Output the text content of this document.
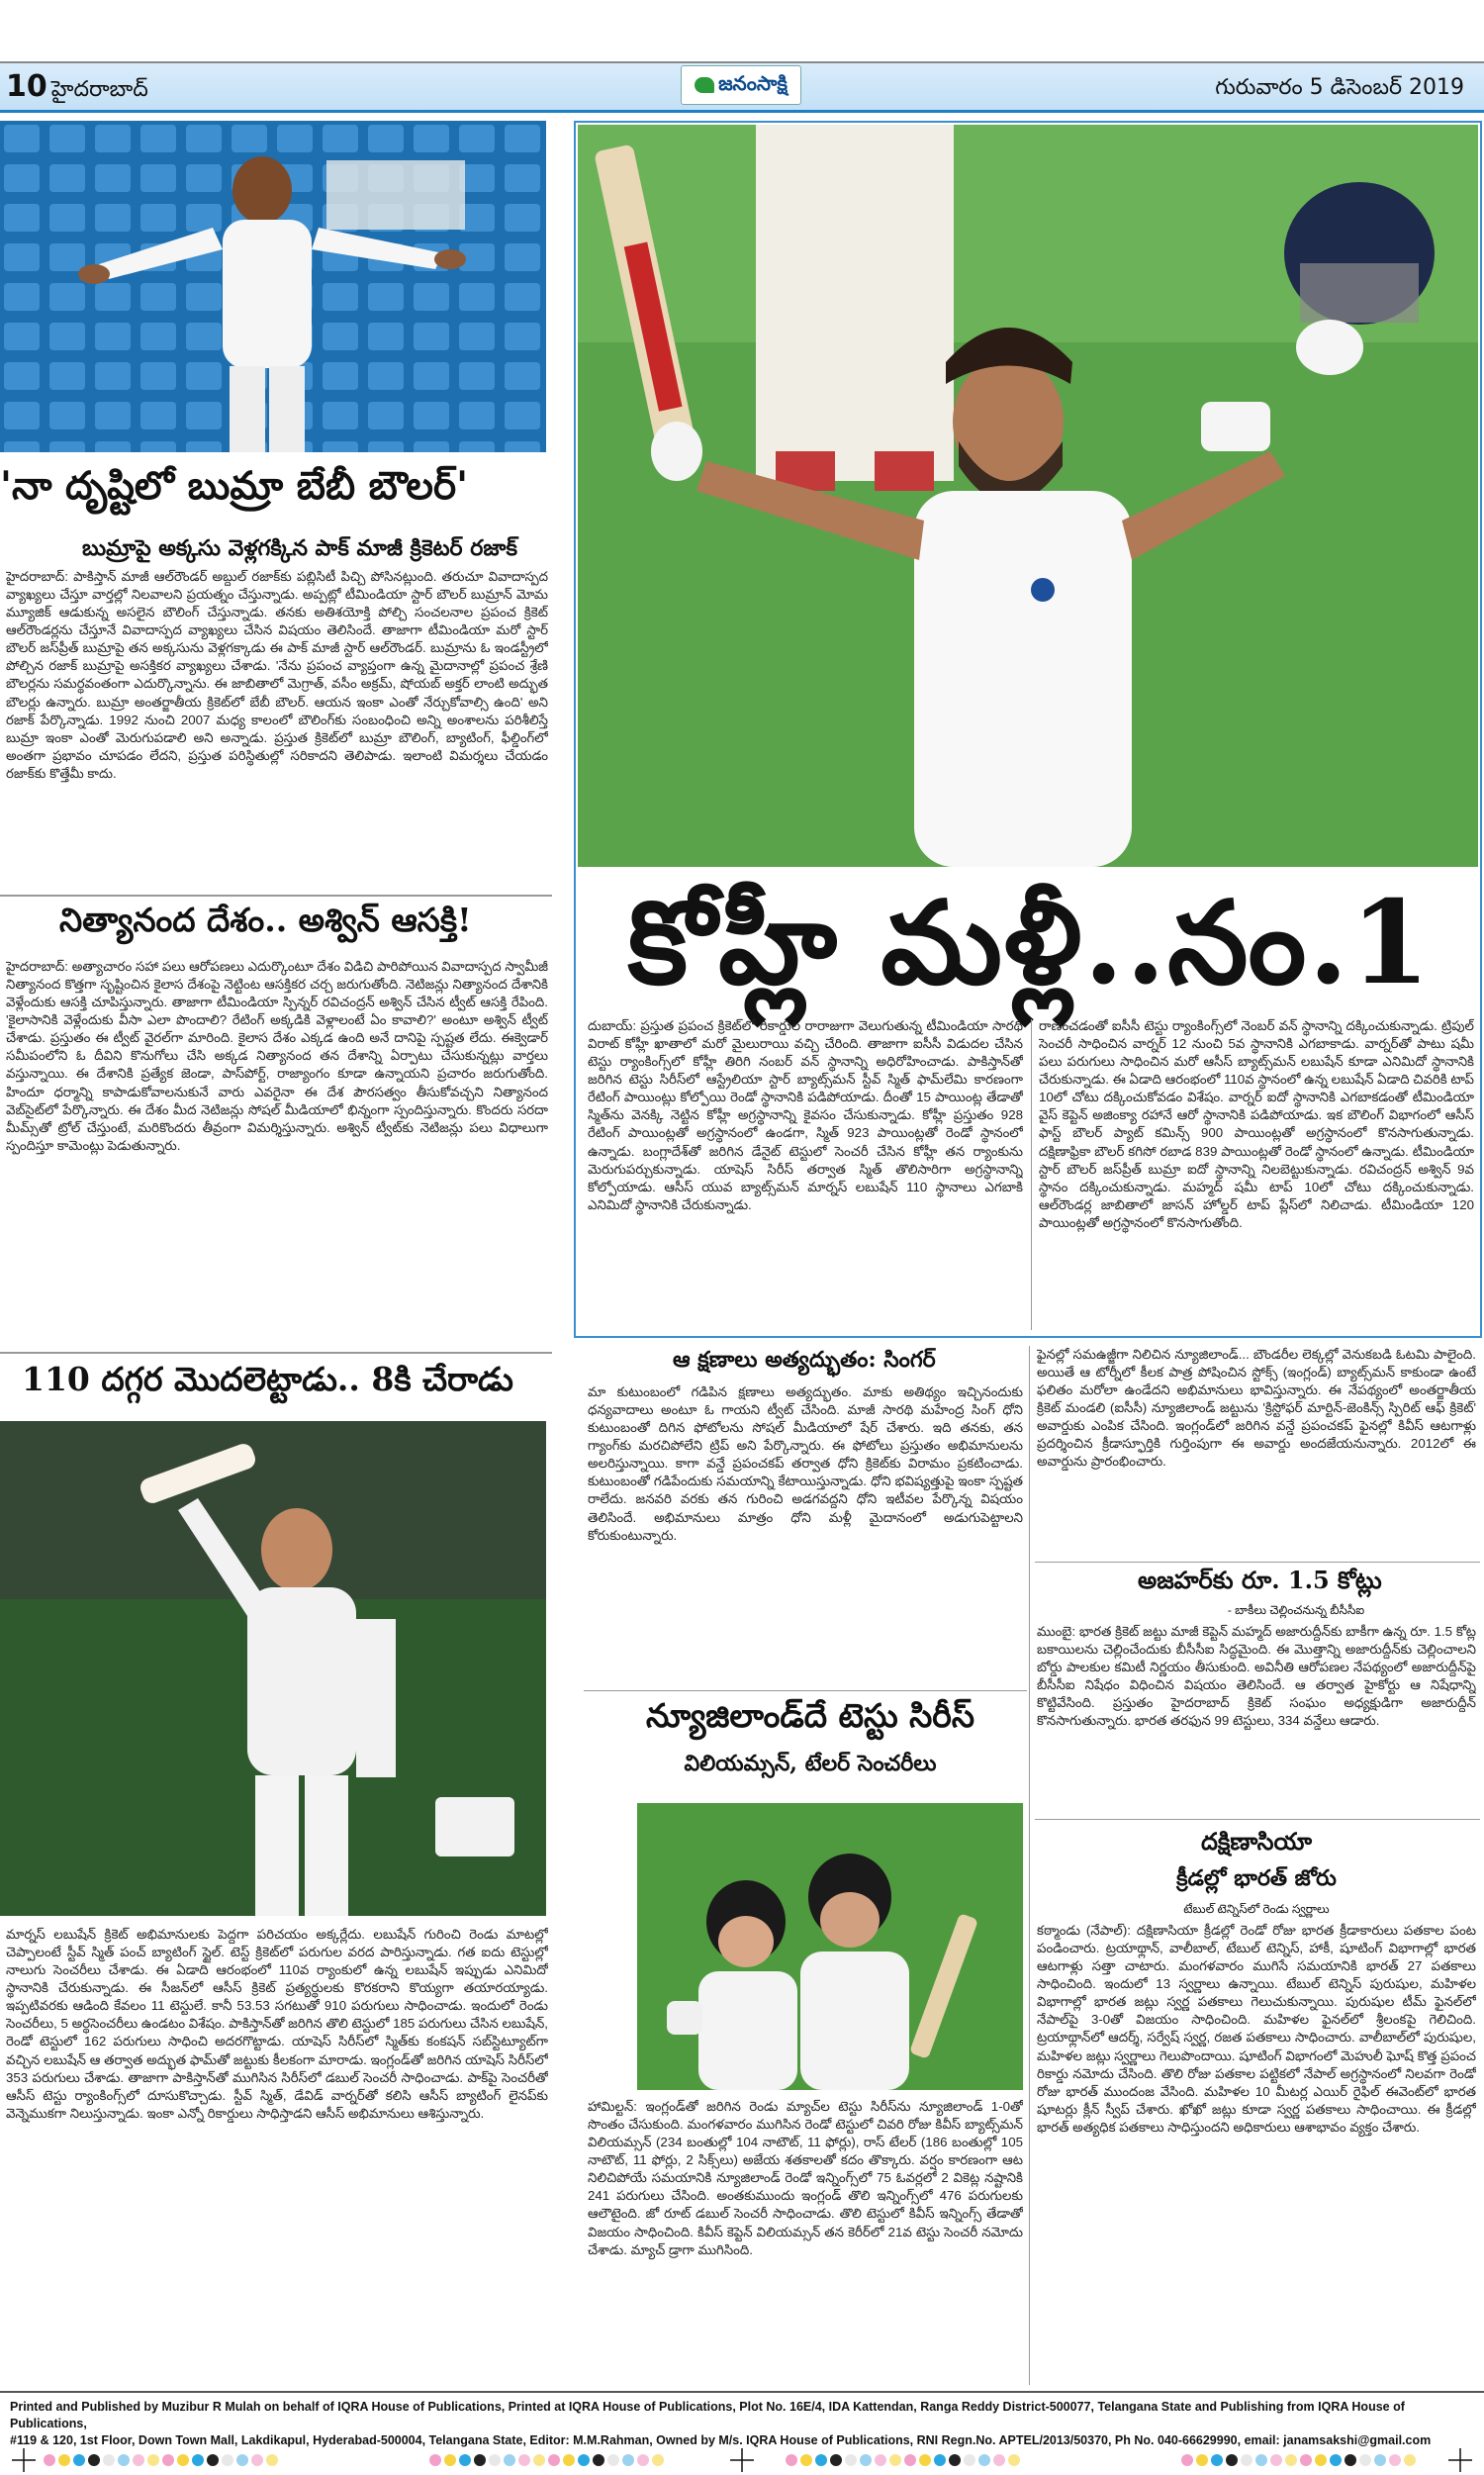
10 హైదరాబాద్	జనంసాక్షి	గురువారం 5 డిసెంబర్ 2019
'నా దృష్టిలో బుమ్రా బేబీ బౌలర్'
బుమ్రాపై అక్కసు వెళ్లగక్కిన పాక్ మాజీ క్రికెటర్ రజాక్
హైదరాబాద్: పాకిస్తాన్ మాజీ ఆల్‌రౌండర్ అబ్దుల్ రజాక్‌కు పబ్లిసిటీ పిచ్చి పోసినట్లుంది. తరుచూ వివాదాస్పద వ్యాఖ్యలు చేస్తూ వార్తల్లో నిలవాలని ప్రయత్నం చేస్తున్నాడు. అప్పట్లో టీమిండియా స్టార్ బౌలర్ బుమ్రాన్ మోమ మ్యూజిక్ ఆడుకున్న అసలైన బౌలింగ్ చేస్తున్నాడు. తనకు అతిశయోక్తి పోల్చి సంచలనాల ప్రపంచ క్రికెట్ ఆల్‌రౌండర్లను చేస్తూనే వివాదాస్పద వ్యాఖ్యలు చేసిన విషయం తెలిసిందే. తాజాగా టీమిండియా మరో స్టార్ బౌలర్ జస్‌ప్రీత్ బుమ్రాపై తన అక్కసును వెళ్లగక్కాడు ఈ పాక్ మాజీ స్టార్ ఆల్‌రౌండర్. బుమ్రాను ఓ ఇండస్ట్రీలో పోల్చిన రజాక్ బుమ్రాపై అసక్తికర వ్యాఖ్యలు చేశాడు. 'నేను ప్రపంచ వ్యాప్తంగా ఉన్న మైదానాల్లో ప్రపంచ శ్రేణి బౌలర్లను సమర్థవంతంగా ఎదుర్కొన్నాను. ఈ జాబితాలో మెగ్రాత్, వసీం అక్రమ్, షోయబ్ అక్తర్ లాంటి అద్భుత బౌలర్లు ఉన్నారు. బుమ్రా అంతర్జాతీయ క్రికెట్‌లో బేబీ బౌలర్. ఆయన ఇంకా ఎంతో నేర్చుకోవాల్సి ఉంది' అని రజాక్ పేర్కొన్నాడు. 1992 నుంచి 2007 మధ్య కాలంలో బౌలింగ్‌కు సంబంధించి అన్ని అంశాలను పరిశీలిస్తే బుమ్రా ఇంకా ఎంతో మెరుగుపడాలి అని అన్నాడు. ప్రస్తుత క్రికెట్‌లో బుమ్రా బౌలింగ్, బ్యాటింగ్, ఫీల్డింగ్‌లో అంతగా ప్రభావం చూపడం లేదని, ప్రస్తుత పరిస్థితుల్లో సరికాదని తెలిపాడు. ఇలాంటి విమర్శలు చేయడం రజాక్‌కు కొత్తేమీ కాదు.
నిత్యానంద దేశం.. అశ్విన్ ఆసక్తి!
హైదరాబాద్: అత్యాచారం సహా పలు ఆరోపణలు ఎదుర్కొంటూ దేశం విడిచి పారిపోయిన వివాదాస్పద స్వామీజీ నిత్యానంద కొత్తగా సృష్టించిన కైలాస దేశంపై నెట్టింట ఆసక్తికర చర్చ జరుగుతోంది. నెటిజన్లు నిత్యానంద దేశానికి వెళ్లేందుకు ఆసక్తి చూపిస్తున్నారు. తాజాగా టీమిండియా స్పిన్నర్ రవిచంద్రన్ అశ్విన్ చేసిన ట్వీట్ ఆసక్తి రేపింది. 'కైలాసానికి వెళ్లేందుకు వీసా ఎలా పొందాలి? రేటింగ్ అక్కడికి వెళ్లాలంటే ఏం కావాలి?' అంటూ అశ్విన్ ట్వీట్ చేశాడు. ప్రస్తుతం ఈ ట్వీట్ వైరల్‌గా మారింది. కైలాస దేశం ఎక్కడ ఉంది అనే దానిపై స్పష్టత లేదు. ఈక్వెడార్ సమీపంలోని ఓ దీవిని కొనుగోలు చేసి అక్కడ నిత్యానంద తన దేశాన్ని ఏర్పాటు చేసుకున్నట్లు వార్తలు వస్తున్నాయి. ఈ దేశానికి ప్రత్యేక జెండా, పాస్‌పోర్ట్, రాజ్యాంగం కూడా ఉన్నాయని ప్రచారం జరుగుతోంది. హిందూ ధర్మాన్ని కాపాడుకోవాలనుకునే వారు ఎవరైనా ఈ దేశ పౌరసత్వం తీసుకోవచ్చని నిత్యానంద వెబ్‌సైట్‌లో పేర్కొన్నారు. ఈ దేశం మీద నెటిజన్లు సోషల్ మీడియాలో భిన్నంగా స్పందిస్తున్నారు. కొందరు సరదా మీమ్స్‌తో ట్రోల్ చేస్తుంటే, మరికొందరు తీవ్రంగా విమర్శిస్తున్నారు. అశ్విన్ ట్వీట్‌కు నెటిజన్లు పలు విధాలుగా స్పందిస్తూ కామెంట్లు పెడుతున్నారు.
110 దగ్గర మొదలెట్టాడు.. 8కి చేరాడు
మార్నస్ లబుషేన్ క్రికెట్ అభిమానులకు పెద్దగా పరిచయం అక్కర్లేదు. లబుషేన్ గురించి రెండు మాటల్లో చెప్పాలంటే స్టీవ్ స్మిత్ పంచ్ బ్యాటింగ్ స్టైల్. టెస్ట్ క్రికెట్‌లో పరుగుల వరద పారిస్తున్నాడు. గత ఐదు టెస్టుల్లో నాలుగు సెంచరీలు చేశాడు. ఈ ఏడాది ఆరంభంలో 110వ ర్యాంకులో ఉన్న లబుషేన్ ఇప్పుడు ఎనిమిదో స్థానానికి చేరుకున్నాడు. ఈ సీజన్‌లో ఆసీస్ క్రికెట్ ప్రత్యర్థులకు కొరకరాని కొయ్యగా తయారయ్యాడు. ఇప్పటివరకు ఆడింది కేవలం 11 టెస్టులే. కానీ 53.53 సగటుతో 910 పరుగులు సాధించాడు. ఇందులో రెండు సెంచరీలు, 5 అర్థసెంచరీలు ఉండటం విశేషం. పాకిస్తాన్‌తో జరిగిన తొలి టెస్టులో 185 పరుగులు చేసిన లబుషేన్, రెండో టెస్టులో 162 పరుగులు సాధించి అదరగొట్టాడు. యాషెస్ సిరీస్‌లో స్మిత్‌కు కంకషన్ సబ్‌స్టిట్యూట్‌గా వచ్చిన లబుషేన్ ఆ తర్వాత అద్భుత ఫామ్‌తో జట్టుకు కీలకంగా మారాడు. ఇంగ్లండ్‌తో జరిగిన యాషెస్ సిరీస్‌లో 353 పరుగులు చేశాడు. తాజాగా పాకిస్తాన్‌తో ముగిసిన సిరీస్‌లో డబుల్ సెంచరీ సాధించాడు. పాక్‌పై సెంచరీతో ఆసీస్ టెస్టు ర్యాంకింగ్స్‌లో దూసుకొచ్చాడు. స్టీవ్ స్మిత్, డేవిడ్ వార్నర్‌తో కలిసి ఆసీస్ బ్యాటింగ్ లైనప్‌కు వెన్నెముకగా నిలుస్తున్నాడు. ఇంకా ఎన్నో రికార్డులు సాధిస్తాడని ఆసీస్ అభిమానులు ఆశిస్తున్నారు.
కోహ్లీ మళ్లీ..నం.1
దుబాయ్: ప్రస్తుత ప్రపంచ క్రికెట్‌లో రికార్డుల రారాజుగా వెలుగుతున్న టీమిండియా సారథి విరాట్ కోహ్లీ ఖాతాలో మరో మైలురాయి వచ్చి చేరింది. తాజాగా ఐసీసీ విడుదల చేసిన టెస్టు ర్యాంకింగ్స్‌లో కోహ్లీ తిరిగి నంబర్ వన్ స్థానాన్ని అధిరోహించాడు. పాకిస్తాన్‌తో జరిగిన టెస్టు సిరీస్‌లో ఆస్ట్రేలియా స్టార్ బ్యాట్స్‌మన్ స్టీవ్ స్మిత్ ఫామ్‌లేమి కారణంగా రేటింగ్ పాయింట్లు కోల్పోయి రెండో స్థానానికి పడిపోయాడు. దీంతో 15 పాయింట్ల తేడాతో స్మిత్‌ను వెనక్కి నెట్టిన కోహ్లీ అగ్రస్థానాన్ని కైవసం చేసుకున్నాడు. కోహ్లీ ప్రస్తుతం 928 రేటింగ్ పాయింట్లతో అగ్రస్థానంలో ఉండగా, స్మిత్ 923 పాయింట్లతో రెండో స్థానంలో ఉన్నాడు. బంగ్లాదేశ్‌తో జరిగిన డేనైట్ టెస్టులో సెంచరీ చేసిన కోహ్లీ తన ర్యాంకును మెరుగుపర్చుకున్నాడు. యాషెస్ సిరీస్ తర్వాత స్మిత్ తొలిసారిగా అగ్రస్థానాన్ని కోల్పోయాడు. ఆసీస్ యువ బ్యాట్స్‌మన్ మార్నస్ లబుషేన్ 110 స్థానాలు ఎగబాకి ఎనిమిదో స్థానానికి చేరుకున్నాడు.
రాణించడంతో ఐసీసీ టెస్టు ర్యాంకింగ్స్‌లో నెంబర్ వన్ స్థానాన్ని దక్కించుకున్నాడు. ట్రిపుల్ సెంచరీ సాధించిన వార్నర్ 12 నుంచి 5వ స్థానానికి ఎగబాకాడు. వార్నర్‌తో పాటు షమీ పలు పరుగులు సాధించిన మరో ఆసీస్ బ్యాట్స్‌మన్ లబుషేన్ కూడా ఎనిమిదో స్థానానికి చేరుకున్నాడు. ఈ ఏడాది ఆరంభంలో 110వ స్థానంలో ఉన్న లబుషేన్ ఏడాది చివరికి టాప్ 10లో చోటు దక్కించుకోవడం విశేషం. వార్నర్ ఐదో స్థానానికి ఎగబాకడంతో టీమిండియా వైస్ కెప్టెన్ అజింక్యా రహానే ఆరో స్థానానికి పడిపోయాడు. ఇక బౌలింగ్ విభాగంలో ఆసీస్ ఫాస్ట్ బౌలర్ ప్యాట్ కమిన్స్ 900 పాయింట్లతో అగ్రస్థానంలో కొనసాగుతున్నాడు. దక్షిణాఫ్రికా బౌలర్ కగిసో రబాడ 839 పాయింట్లతో రెండో స్థానంలో ఉన్నాడు. టీమిండియా స్టార్ బౌలర్ జస్‌ప్రీత్ బుమ్రా ఐదో స్థానాన్ని నిలబెట్టుకున్నాడు. రవిచంద్రన్ అశ్విన్ 9వ స్థానం దక్కించుకున్నాడు. మహ్మద్ షమీ టాప్ 10లో చోటు దక్కించుకున్నాడు. ఆల్‌రౌండర్ల జాబితాలో జాసన్ హోల్డర్ టాప్ ప్లేస్‌లో నిలిచాడు. టీమిండియా 120 పాయింట్లతో అగ్రస్థానంలో కొనసాగుతోంది.
ఆ క్షణాలు అత్యద్భుతం: సింగర్
మా కుటుంబంలో గడిపిన క్షణాలు అత్యద్భుతం. మాకు అతిథ్యం ఇచ్చినందుకు ధన్యవాదాలు అంటూ ఓ గాయని ట్వీట్ చేసింది. మాజీ సారథి మహేంద్ర సింగ్ ధోని కుటుంబంతో దిగిన ఫోటోలను సోషల్ మీడియాలో షేర్ చేశారు. ఇది తనకు, తన గ్యాంగ్‌కు మరచిపోలేని ట్రిప్ అని పేర్కొన్నారు. ఈ ఫోటోలు ప్రస్తుతం అభిమానులను అలరిస్తున్నాయి. కాగా వన్డే ప్రపంచకప్ తర్వాత ధోని క్రికెట్‌కు విరామం ప్రకటించాడు. కుటుంబంతో గడిపేందుకు సమయాన్ని కేటాయిస్తున్నాడు. ధోని భవిష్యత్తుపై ఇంకా స్పష్టత రాలేదు. జనవరి వరకు తన గురించి అడగవద్దని ధోని ఇటీవల పేర్కొన్న విషయం తెలిసిందే. అభిమానులు మాత్రం ధోని మళ్లీ మైదానంలో అడుగుపెట్టాలని కోరుకుంటున్నారు.
న్యూజిలాండ్‌దే టెస్టు సిరీస్
విలియమ్సన్, టేలర్ సెంచరీలు
హామిల్టన్: ఇంగ్లండ్‌తో జరిగిన రెండు మ్యాచ్‌ల టెస్టు సిరీస్‌ను న్యూజిలాండ్ 1-0తో సొంతం చేసుకుంది. మంగళవారం ముగిసిన రెండో టెస్టులో చివరి రోజు కివీస్ బ్యాట్స్‌మన్ విలియమ్సన్ (234 బంతుల్లో 104 నాటౌట్, 11 ఫోర్లు), రాస్ టేలర్ (186 బంతుల్లో 105 నాటౌట్, 11 ఫోర్లు, 2 సిక్స్‌లు) అజేయ శతకాలతో కదం తొక్కారు. వర్షం కారణంగా ఆట నిలిచిపోయే సమయానికి న్యూజిలాండ్ రెండో ఇన్నింగ్స్‌లో 75 ఓవర్లలో 2 వికెట్ల నష్టానికి 241 పరుగులు చేసింది. అంతకుముందు ఇంగ్లండ్ తొలి ఇన్నింగ్స్‌లో 476 పరుగులకు ఆలౌటైంది. జో రూట్ డబుల్ సెంచరీ సాధించాడు. తొలి టెస్టులో కివీస్ ఇన్నింగ్స్ తేడాతో విజయం సాధించింది. కివీస్ కెప్టెన్ విలియమ్సన్ తన కెరీర్‌లో 21వ టెస్టు సెంచరీ నమోదు చేశాడు. మ్యాచ్ డ్రాగా ముగిసింది.
ఫైనల్లో సమఉజ్జీగా నిలిచిన న్యూజిలాండ్... బౌండరీల లెక్కల్లో వెనుకబడి ఓటమి పాలైంది. అయితే ఆ టోర్నీలో కీలక పాత్ర పోషించిన స్టోక్స్ (ఇంగ్లండ్) బ్యాట్స్‌మన్ కాకుండా ఉంటే ఫలితం మరోలా ఉండేదని అభిమానులు భావిస్తున్నారు. ఈ నేపథ్యంలో అంతర్జాతీయ క్రికెట్ మండలి (ఐసీసీ) న్యూజిలాండ్ జట్టును 'క్రిస్టోఫర్ మార్టిన్-జెంకిన్స్ స్పిరిట్ ఆఫ్ క్రికెట్' అవార్డుకు ఎంపిక చేసింది. ఇంగ్లండ్‌లో జరిగిన వన్డే ప్రపంచకప్ ఫైనల్లో కివీస్ ఆటగాళ్లు ప్రదర్శించిన క్రీడాస్ఫూర్తికి గుర్తింపుగా ఈ అవార్డు అందజేయనున్నారు. 2012లో ఈ అవార్డును ప్రారంభించారు.
అజహర్‌కు రూ. 1.5 కోట్లు
- బాకీలు చెల్లించనున్న బీసీసీఐ
ముంబై: భారత క్రికెట్ జట్టు మాజీ కెప్టెన్ మహ్మద్ అజారుద్దీన్‌కు బాకీగా ఉన్న రూ. 1.5 కోట్ల బకాయిలను చెల్లించేందుకు బీసీసీఐ సిద్ధమైంది. ఈ మొత్తాన్ని అజారుద్దీన్‌కు చెల్లించాలని బోర్డు పాలకుల కమిటీ నిర్ణయం తీసుకుంది. అవినీతి ఆరోపణల నేపథ్యంలో అజారుద్దీన్‌పై బీసీసీఐ నిషేధం విధించిన విషయం తెలిసిందే. ఆ తర్వాత హైకోర్టు ఆ నిషేధాన్ని కొట్టివేసింది. ప్రస్తుతం హైదరాబాద్ క్రికెట్ సంఘం అధ్యక్షుడిగా అజారుద్దీన్ కొనసాగుతున్నారు. భారత తరఫున 99 టెస్టులు, 334 వన్డేలు ఆడారు.
దక్షిణాసియా
క్రీడల్లో భారత్ జోరు
టేబుల్ టెన్నిస్‌లో రెండు స్వర్ణాలు
కఠ్మాండు (నేపాల్): దక్షిణాసియా క్రీడల్లో రెండో రోజు భారత క్రీడాకారులు పతకాల పంట పండించారు. ట్రయాథ్లాన్, వాలీబాల్, టేబుల్ టెన్నిస్, హాకీ, షూటింగ్ విభాగాల్లో భారత ఆటగాళ్లు సత్తా చాటారు. మంగళవారం ముగిసే సమయానికి భారత్ 27 పతకాలు సాధించింది. ఇందులో 13 స్వర్ణాలు ఉన్నాయి. టేబుల్ టెన్నిస్ పురుషుల, మహిళల విభాగాల్లో భారత జట్లు స్వర్ణ పతకాలు గెలుచుకున్నాయి. పురుషుల టీమ్ ఫైనల్‌లో నేపాల్‌పై 3-0తో విజయం సాధించింది. మహిళల ఫైనల్‌లో శ్రీలంకపై గెలిచింది. ట్రయాథ్లాన్‌లో ఆదర్శ్, సర్వేష్ స్వర్ణ, రజత పతకాలు సాధించారు. వాలీబాల్‌లో పురుషుల, మహిళల జట్లు స్వర్ణాలు గెలుపొందాయి. షూటింగ్ విభాగంలో మెహులీ ఘోష్ కొత్త ప్రపంచ రికార్డు నమోదు చేసింది. తొలి రోజు పతకాల పట్టికలో నేపాల్ అగ్రస్థానంలో నిలవగా రెండో రోజు భారత్ ముందంజ వేసింది. మహిళల 10 మీటర్ల ఎయిర్ రైఫిల్ ఈవెంట్‌లో భారత షూటర్లు క్లీన్ స్వీప్ చేశారు. ఖోఖో జట్లు కూడా స్వర్ణ పతకాలు సాధించాయి. ఈ క్రీడల్లో భారత్ అత్యధిక పతకాలు సాధిస్తుందని అధికారులు ఆశాభావం వ్యక్తం చేశారు.
Printed and Published by Muzibur R Mulah on behalf of IQRA House of Publications, Printed at IQRA House of Publications, Plot No. 16E/4, IDA Kattendan, Ranga Reddy District-500077, Telangana State and Publishing from IQRA House of Publications,
#119 & 120, 1st Floor, Down Town Mall, Lakdikapul, Hyderabad-500004, Telangana State, Editor: M.M.Rahman, Owned by M/s. IQRA House of Publications, RNI Regn.No. APTEL/2013/50370, Ph No. 040-66629990, email: janamsakshi@gmail.com
